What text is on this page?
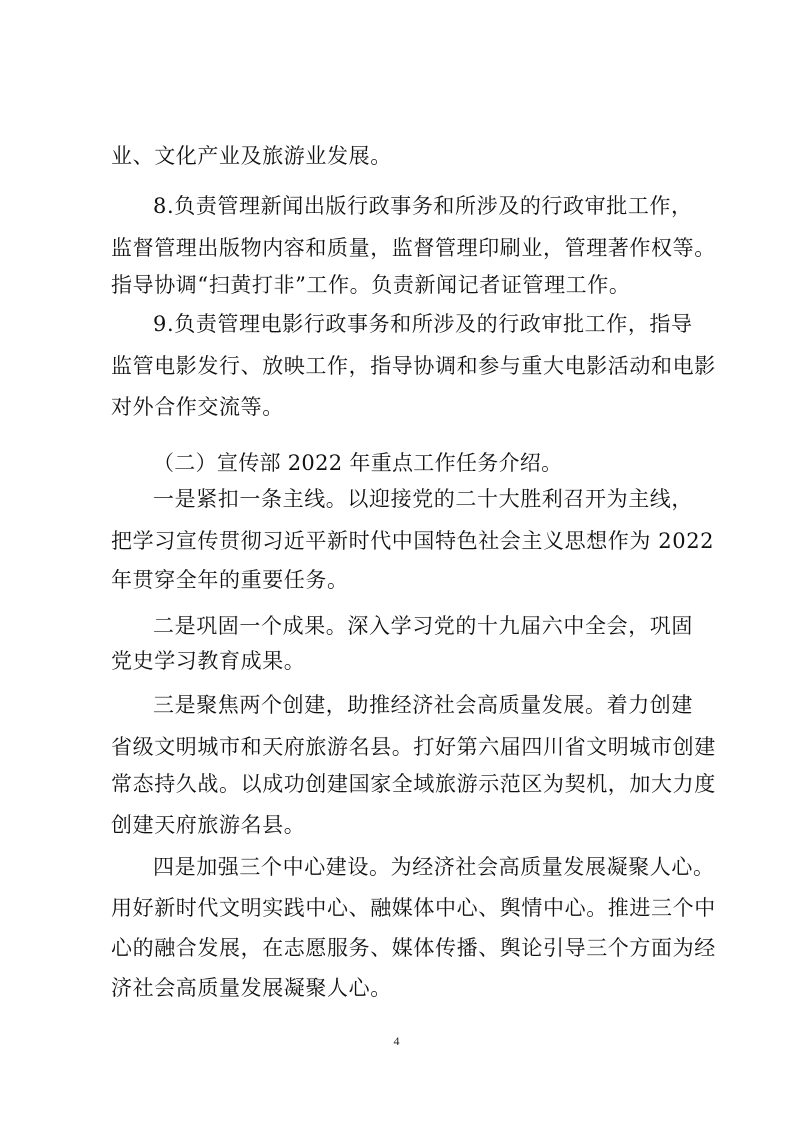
业、文化产业及旅游业发展。
8.负责管理新闻出版行政事务和所涉及的行政审批工作，
监督管理出版物内容和质量，监督管理印刷业，管理著作权等。
指导协调“扫黄打非”工作。负责新闻记者证管理工作。
9.负责管理电影行政事务和所涉及的行政审批工作，指导
监管电影发行、放映工作，指导协调和参与重大电影活动和电影
对外合作交流等。
（二）宣传部 2022 年重点工作任务介绍。
一是紧扣一条主线。以迎接党的二十大胜利召开为主线，
把学习宣传贯彻习近平新时代中国特色社会主义思想作为 2022
年贯穿全年的重要任务。
二是巩固一个成果。深入学习党的十九届六中全会，巩固
党史学习教育成果。
三是聚焦两个创建，助推经济社会高质量发展。着力创建
省级文明城市和天府旅游名县。打好第六届四川省文明城市创建
常态持久战。以成功创建国家全域旅游示范区为契机，加大力度
创建天府旅游名县。
四是加强三个中心建设。为经济社会高质量发展凝聚人心。
用好新时代文明实践中心、融媒体中心、舆情中心。推进三个中
心的融合发展，在志愿服务、媒体传播、舆论引导三个方面为经
济社会高质量发展凝聚人心。
4
